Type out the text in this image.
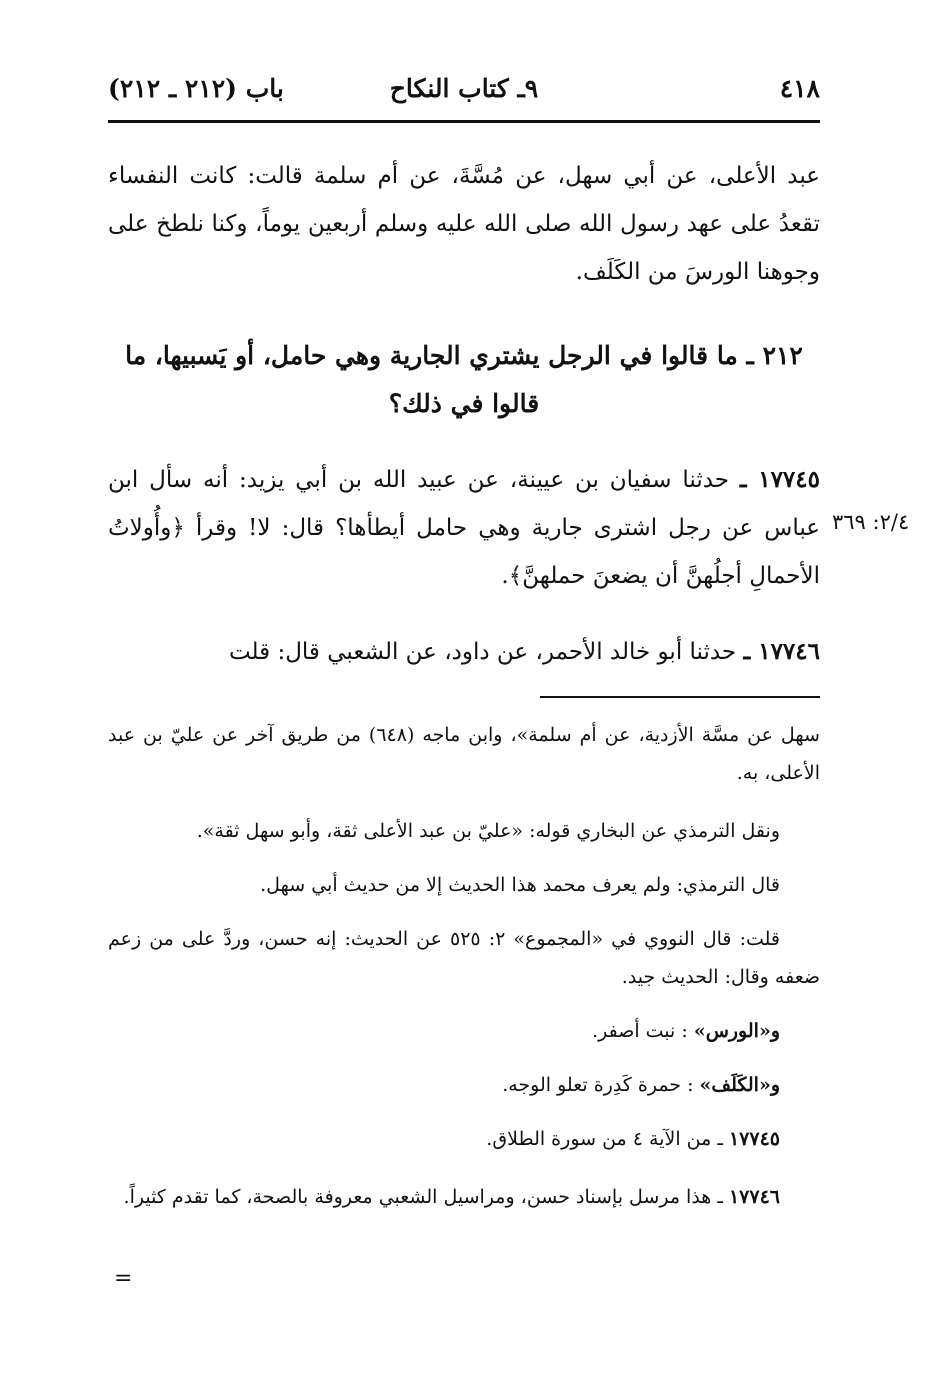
٤١٨
٩ـ كتاب النكاح
باب (٢١٢ ـ ٢١٢)

عبد الأعلى، عن أبي سهل، عن مُسَّةَ، عن أم سلمة قالت: كانت النفساء تقعدُ على عهد رسول الله صلى الله عليه وسلم أربعين يوماً، وكنا نلطخ على وجوهنا الورسَ من الكَلَف.

٢١٢ ـ ما قالوا في الرجل يشتري الجارية وهي حامل، أو يَسبيها، ما قالوا في ذلك؟

١٧٧٤٥ ـ حدثنا سفيان بن عيينة، عن عبيد الله بن أبي يزيد: أنه سأل ابن عباس عن رجل اشترى جارية وهي حامل أيطأها؟ قال: لا! وقرأ ﴿وأُولاتُ الأحمالِ أجلُهنَّ أن يضعنَ حملهنَّ﴾.

٢/٤: ٣٦٩

١٧٧٤٦ ـ حدثنا أبو خالد الأحمر، عن داود، عن الشعبي قال: قلت

سهل عن مسَّة الأزدية، عن أم سلمة»، وابن ماجه (٦٤٨) من طريق آخر عن عليّ بن عبد الأعلى، به.

ونقل الترمذي عن البخاري قوله: «عليّ بن عبد الأعلى ثقة، وأبو سهل ثقة».

قال الترمذي: ولم يعرف محمد هذا الحديث إلا من حديث أبي سهل.

قلت: قال النووي في «المجموع» ٢: ٥٢٥ عن الحديث: إنه حسن، وردَّ على من زعم ضعفه وقال: الحديث جيد.

و«الورس» : نبت أصفر.

و«الكَلَف» : حمرة كَدِرة تعلو الوجه.

١٧٧٤٥ ـ من الآية ٤ من سورة الطلاق.

١٧٧٤٦ ـ هذا مرسل بإسناد حسن، ومراسيل الشعبي معروفة بالصحة، كما تقدم كثيراً.

=
